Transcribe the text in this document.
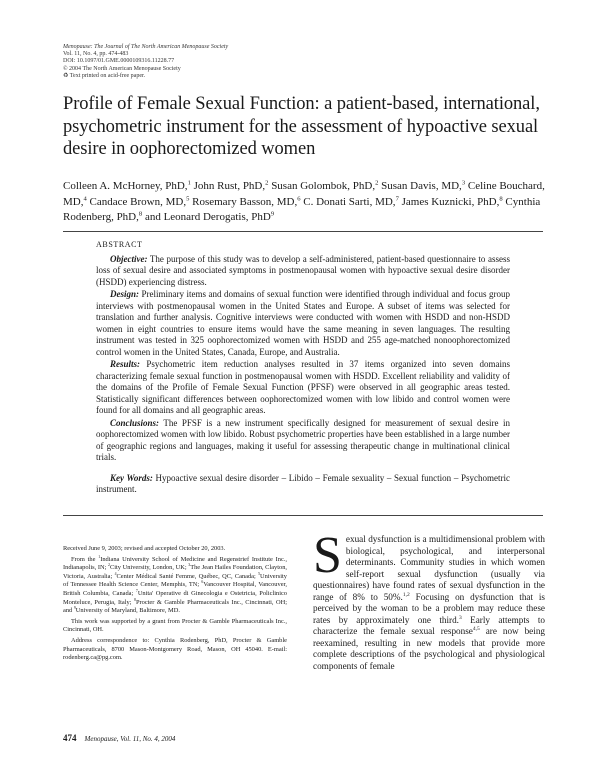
Menopause: The Journal of The North American Menopause Society
Vol. 11, No. 4, pp. 474-483
DOI: 10.1097/01.GME.0000109316.11228.77
© 2004 The North American Menopause Society
♻ Text printed on acid-free paper.
Profile of Female Sexual Function: a patient-based, international, psychometric instrument for the assessment of hypoactive sexual desire in oophorectomized women
Colleen A. McHorney, PhD,$^1$ John Rust, PhD,$^2$ Susan Golombok, PhD,$^2$ Susan Davis, MD,$^3$ Celine Bouchard, MD,$^4$ Candace Brown, MD,$^5$ Rosemary Basson, MD,$^6$ C. Donati Sarti, MD,$^7$ James Kuznicki, PhD,$^8$ Cynthia Rodenberg, PhD,$^8$ and Leonard Derogatis, PhD$^9$

ABSTRACT

Objective: The purpose of this study was to develop a self-administered, patient-based questionnaire to assess loss of sexual desire and associated symptoms in postmenopausal women with hypoactive sexual desire disorder (HSDD) experiencing distress.

Design: Preliminary items and domains of sexual function were identified through individual and focus group interviews with postmenopausal women in the United States and Europe. A subset of items was selected for translation and further analysis. Cognitive interviews were conducted with women with HSDD and non-HSDD women in eight countries to ensure items would have the same meaning in seven languages. The resulting instrument was tested in 325 oophorectomized women with HSDD and 255 age-matched nonoophorectomized control women in the United States, Canada, Europe, and Australia.

Results: Psychometric item reduction analyses resulted in 37 items organized into seven domains characterizing female sexual function in postmenopausal women with HSDD. Excellent reliability and validity of the domains of the Profile of Female Sexual Function (PFSF) were observed in all geographic areas tested. Statistically significant differences between oophorectomized women with low libido and control women were found for all domains and all geographic areas.

Conclusions: The PFSF is a new instrument specifically designed for measurement of sexual desire in oophorectomized women with low libido. Robust psychometric properties have been established in a large number of geographic regions and languages, making it useful for assessing therapeutic change in multinational clinical trials.

Key Words: Hypoactive sexual desire disorder – Libido – Female sexuality – Sexual function – Psychometric instrument.

Received June 9, 2003; revised and accepted October 20, 2003.

From the $^1$Indiana University School of Medicine and Regenstrief Institute Inc., Indianapolis, IN; $^2$City University, London, UK; $^3$The Jean Hailes Foundation, Clayton, Victoria, Australia; $^4$Center Médical Santé Femme, Québec, QC, Canada; $^5$University of Tennessee Health Science Center, Memphis, TN; $^6$Vancouver Hospital, Vancouver, British Columbia, Canada; $^7$Unita' Operative di Ginecologia e Ostetricia, Policlinico Monteluce, Perugia, Italy; $^8$Procter & Gamble Pharmaceuticals Inc., Cincinnati, OH; and $^9$University of Maryland, Baltimore, MD.

This work was supported by a grant from Procter & Gamble Pharmaceuticals Inc., Cincinnati, OH.

Address correspondence to: Cynthia Rodenberg, PhD, Procter & Gamble Pharmaceuticals, 8700 Mason-Montgomery Road, Mason, OH 45040. E-mail: rodenberg.ca@pg.com.

Sexual dysfunction is a multidimensional problem with biological, psychological, and interpersonal determinants. Community studies in which women self-report sexual dysfunction (usually via questionnaires) have found rates of sexual dysfunction in the range of 8% to 50%.$^{1,2}$ Focusing on dysfunction that is perceived by the woman to be a problem may reduce these rates by approximately one third.$^3$ Early attempts to characterize the female sexual response$^{4,5}$ are now being reexamined, resulting in new models that provide more complete descriptions of the psychological and physiological components of female
474 Menopause, Vol. 11, No. 4, 2004
